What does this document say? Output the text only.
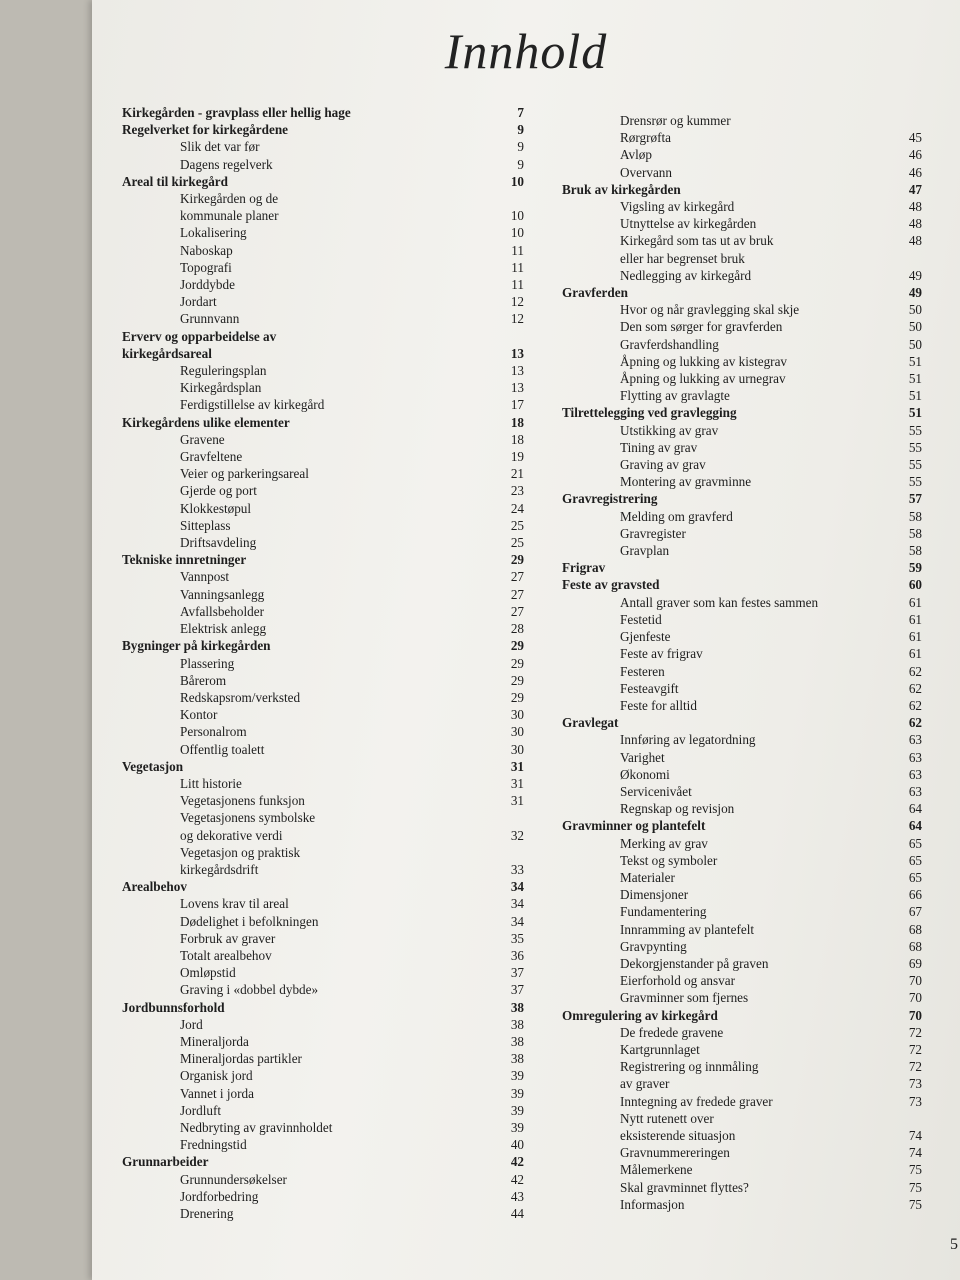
Innhold
Kirkegården - gravplass eller hellig hage	7
Regelverket for kirkegårdene	9
Slik det var før	9
Dagens regelverk	9
Areal til kirkegård	10
Kirkegården og de
kommunale planer	10
Lokalisering	10
Naboskap	11
Topografi	11
Jorddybde	11
Jordart	12
Grunnvann	12
Erverv og opparbeidelse av
kirkegårdsareal	13
Reguleringsplan	13
Kirkegårdsplan	13
Ferdigstillelse av kirkegård	17
Kirkegårdens ulike elementer	18
Gravene	18
Gravfeltene	19
Veier og parkeringsareal	21
Gjerde og port	23
Klokkestøpul	24
Sitteplass	25
Driftsavdeling	25
Tekniske innretninger	29
Vannpost	27
Vanningsanlegg	27
Avfallsbeholder	27
Elektrisk anlegg	28
Bygninger på kirkegården	29
Plassering	29
Bårerom	29
Redskapsrom/verksted	29
Kontor	30
Personalrom	30
Offentlig toalett	30
Vegetasjon	31
Litt historie	31
Vegetasjonens funksjon	31
Vegetasjonens symbolske
og dekorative verdi	32
Vegetasjon og praktisk
kirkegårdsdrift	33
Arealbehov	34
Lovens krav til areal	34
Dødelighet i befolkningen	34
Forbruk av graver	35
Totalt arealbehov	36
Omløpstid	37
Graving i «dobbel dybde»	37
Jordbunnsforhold	38
Jord	38
Mineraljorda	38
Mineraljordas partikler	38
Organisk jord	39
Vannet i jorda	39
Jordluft	39
Nedbryting av gravinnholdet	39
Fredningstid	40
Grunnarbeider	42
Grunnundersøkelser	42
Jordforbedring	43
Drenering	44
Drensrør og kummer
Rørgrøfta	45
Avløp	46
Overvann	46
Bruk av kirkegården	47
Vigsling av kirkegård	48
Utnyttelse av kirkegården	48
Kirkegård som tas ut av bruk	48
eller har begrenset bruk
Nedlegging av kirkegård	49
Gravferden	49
Hvor og når gravlegging skal skje	50
Den som sørger for gravferden	50
Gravferdshandling	50
Åpning og lukking av kistegrav	51
Åpning og lukking av urnegrav	51
Flytting av gravlagte	51
Tilrettelegging ved gravlegging	51
Utstikking av grav	55
Tining av grav	55
Graving av grav	55
Montering av gravminne	55
Gravregistrering	57
Melding om gravferd	58
Gravregister	58
Gravplan	58
Frigrav	59
Feste av gravsted	60
Antall graver som kan festes sammen	61
Festetid	61
Gjenfeste	61
Feste av frigrav	61
Festeren	62
Festeavgift	62
Feste for alltid	62
Gravlegat	62
Innføring av legatordning	63
Varighet	63
Økonomi	63
Servicenivået	63
Regnskap og revisjon	64
Gravminner og plantefelt	64
Merking av grav	65
Tekst og symboler	65
Materialer	65
Dimensjoner	66
Fundamentering	67
Innramming av plantefelt	68
Gravpynting	68
Dekorgjenstander på graven	69
Eierforhold og ansvar	70
Gravminner som fjernes	70
Omregulering av kirkegård	70
De fredede gravene	72
Kartgrunnlaget	72
Registrering og innmåling	72
av graver	73
Inntegning av fredede graver	73
Nytt rutenett over
eksisterende situasjon	74
Gravnummereringen	74
Målemerkene	75
Skal gravminnet flyttes?	75
Informasjon	75
5
